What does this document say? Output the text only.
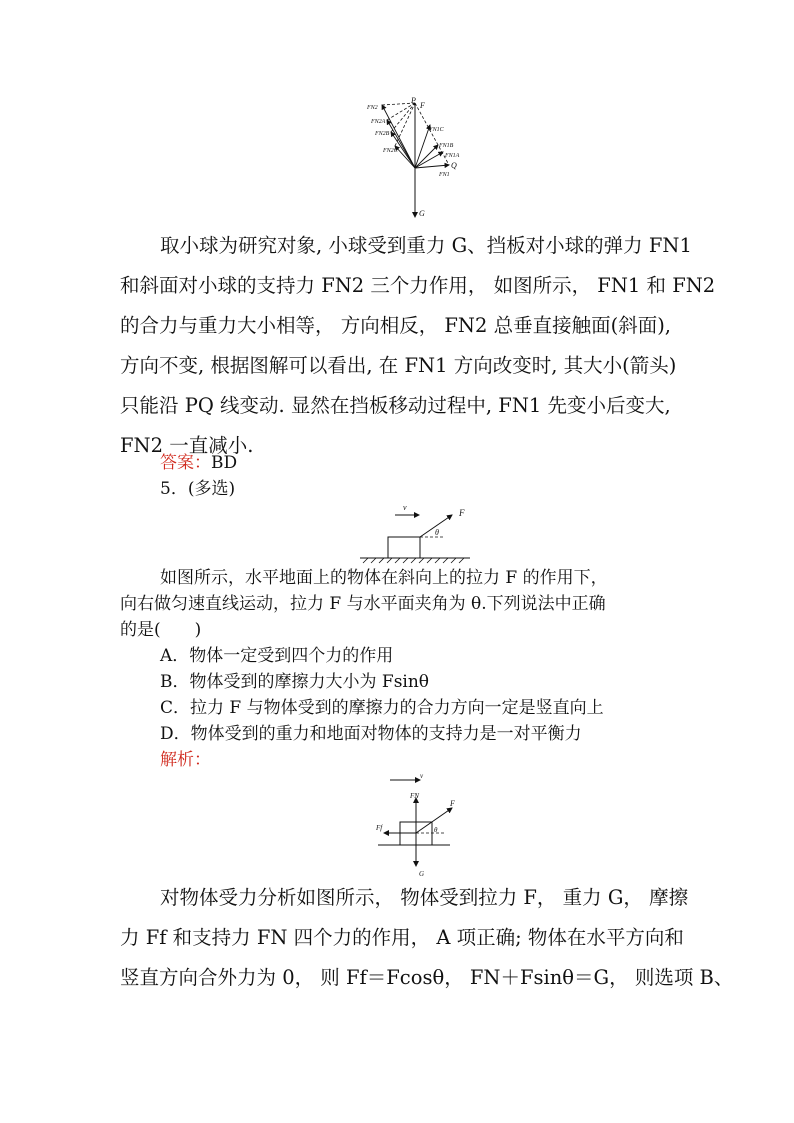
P
F
FN2
FN2A
FN2B
FN2C
FN1C
FN1B
FN1A
Q
FN1
G
取小球为研究对象, 小球受到重力 G、挡板对小球的弹力 FN1
和斜面对小球的支持力 FN2 三个力作用， 如图所示， FN1 和 FN2
的合力与重力大小相等， 方向相反， FN2 总垂直接触面(斜面),
方向不变, 根据图解可以看出, 在 FN1 方向改变时, 其大小(箭头)
只能沿 PQ 线变动. 显然在挡板移动过程中, FN1 先变小后变大,
FN2 一直减小.
答案：BD
5．(多选)
v
F
θ
如图所示，水平地面上的物体在斜向上的拉力 F 的作用下，
向右做匀速直线运动，拉力 F 与水平面夹角为 θ.下列说法中正确
的是(　　)
A．物体一定受到四个力的作用
B．物体受到的摩擦力大小为 Fsinθ
C．拉力 F 与物体受到的摩擦力的合力方向一定是竖直向上
D．物体受到的重力和地面对物体的支持力是一对平衡力
解析：
v
FN
F
Ff	θ
G
对物体受力分析如图所示， 物体受到拉力 F， 重力 G， 摩擦
力 Ff 和支持力 FN 四个力的作用， A 项正确; 物体在水平方向和
竖直方向合外力为 0， 则 Ff＝Fcosθ， FN＋Fsinθ＝G， 则选项 B、
